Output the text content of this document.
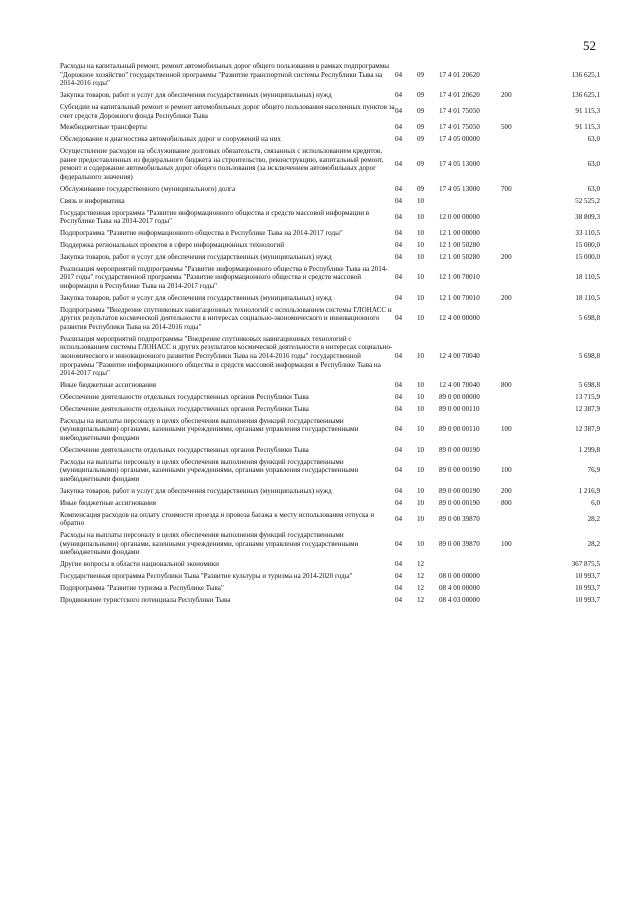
52
Расходы на капитальный ремонт, ремонт автомобильных дорог общего пользования в рамках подпрограммы "Дорожное хозяйство" государственной программы "Развитие транспортной системы Республики Тыва на 2014-2016 годы"	04	09	17 4 01 20620		136 625,1
Закупка товаров, работ и услуг для обеспечения государственных (муниципальных) нужд	04	09	17 4 01 20620	200	136 625,1
Субсидии на капитальный ремонт и ремонт автомобильных дорог общего пользования населенных пунктов за счет средств Дорожного фонда Республики Тыва	04	09	17 4 01 75050		91 115,3
Межбюджетные трансферты	04	09	17 4 01 75050	500	91 115,3
Обследование и диагностика автомобильных дорог и сооружений на них	04	09	17 4 05 00000		63,0
Осуществление расходов на обслуживание долговых обязательств, связанных с использованием кредитов, ранее предоставленных из федерального бюджета на строительство, реконструкцию, капитальный ремонт, ремонт и содержание автомобильных дорог общего пользования (за исключением автомобильных дорог федерального значения)	04	09	17 4 05 13000		63,0
Обслуживание государственного (муниципального) долга	04	09	17 4 05 13000	700	63,0
Связь и информатика	04	10			52 525,2
Государственная программа "Развитие информационного общества и средств массовой информации в Республике Тыва на 2014-2017 годы"	04	10	12 0 00 00000		38 809,3
Подпрограмма "Развитие информационного общества в Республике Тыва на 2014-2017 годы"	04	10	12 1 00 00000		33 110,5
Поддержка региональных проектов в сфере информационных технологий	04	10	12 1 00 50280		15 000,0
Закупка товаров, работ и услуг для обеспечения государственных (муниципальных) нужд	04	10	12 1 00 50280	200	15 000,0
Реализация мероприятий подпрограммы "Развитие информационного общества в Республике Тыва на 2014-2017 годы" государственной программы "Развитие информационного общества и средств массовой информации в Республике Тыва на 2014-2017 годы"	04	10	12 1 00 70010		18 110,5
Закупка товаров, работ и услуг для обеспечения государственных (муниципальных) нужд	04	10	12 1 00 70010	200	18 110,5
Подпрограмма "Внедрение спутниковых навигационных технологий с использованием системы ГЛОНАСС и других результатов космической деятельности в интересах социально-экономического и инновационного развития Республики Тыва на 2014-2016 годы"	04	10	12 4 00 00000		5 698,8
Реализация мероприятий подпрограммы "Внедрение спутниковых навигационных технологий с использованием системы ГЛОНАСС и других результатов космической деятельности в интересах социально-экономического и инновационного развития Республики Тыва на 2014-2016 годы" государственной программы "Развитие информационного общества и средств массовой информации в Республике Тыва на 2014-2017 годы"	04	10	12 4 00 70040		5 698,8
Иные бюджетные ассигнования	04	10	12 4 00 70040	800	5 698,8
Обеспечение деятельности отдельных государственных органов Республики Тыва	04	10	89 0 00 00000		13 715,9
Обеспечение деятельности отдельных государственных органов Республики Тыва	04	10	89 0 00 00110		12 387,9
Расходы на выплаты персоналу в целях обеспечения выполнения функций государственными (муниципальными) органами, казенными учреждениями, органами управления государственными внебюджетными фондами	04	10	89 0 00 00110	100	12 387,9
Обеспечение деятельности отдельных государственных органов Республики Тыва	04	10	89 0 00 00190		1 299,8
Расходы на выплаты персоналу в целях обеспечения выполнения функций государственными (муниципальными) органами, казенными учреждениями, органами управления государственными внебюджетными фондами	04	10	89 0 00 00190	100	76,9
Закупка товаров, работ и услуг для обеспечения государственных (муниципальных) нужд	04	10	89 0 00 00190	200	1 216,9
Иные бюджетные ассигнования	04	10	89 0 00 00190	800	6,0
Компенсация расходов на оплату стоимости проезда и провоза багажа к месту использования отпуска и обратно	04	10	89 0 00 39870		28,2
Расходы на выплаты персоналу в целях обеспечения выполнения функций государственными (муниципальными) органами, казенными учреждениями, органами управления государственными внебюджетными фондами	04	10	89 0 00 39870	100	28,2
Другие вопросы в области национальной экономики	04	12			367 875,5
Государственная программа Республики Тыва "Развитие культуры и туризма на 2014-2020 годы"	04	12	08 0 00 00000		10 993,7
Подпрограмма "Развитие туризма в Республике Тыва"	04	12	08 4 00 00000		10 993,7
Продвижение туристского потенциала Республики Тыва	04	12	08 4 03 00000		10 993,7
